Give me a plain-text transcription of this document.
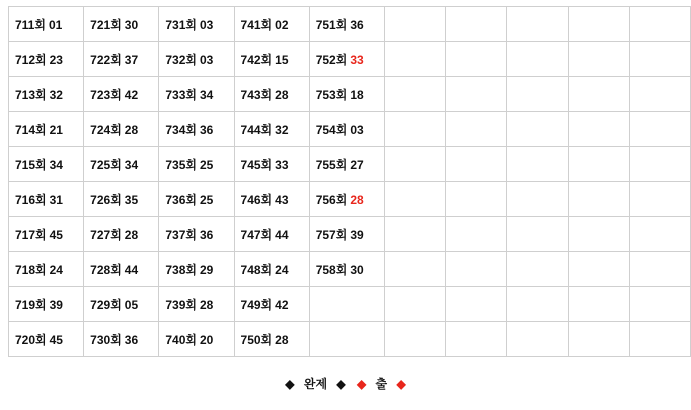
711회 01	721회 30	731회 03	741회 02	751회 36					
712회 23	722회 37	732회 03	742회 15	752회 33					
713회 32	723회 42	733회 34	743회 28	753회 18					
714회 21	724회 28	734회 36	744회 32	754회 03					
715회 34	725회 34	735회 25	745회 33	755회 27					
716회 31	726회 35	736회 25	746회 43	756회 28					
717회 45	727회 28	737회 36	747회 44	757회 39					
718회 24	728회 44	738회 29	748회 24	758회 30					
719회 39	729회 05	739회 28	749회 42						
720회 45	730회 36	740회 20	750회 28						
◆ 완제 ◆ ◆ 출 ◆
